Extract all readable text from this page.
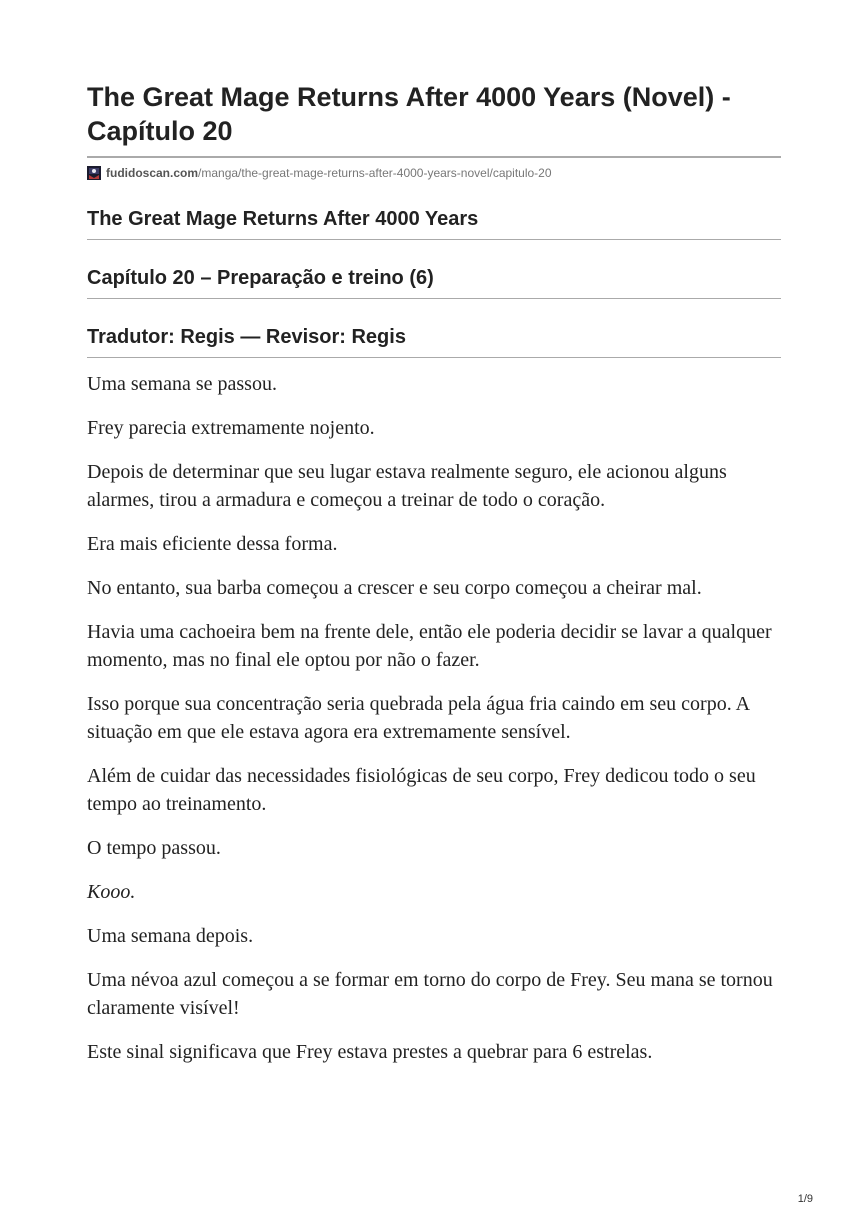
The Great Mage Returns After 4000 Years (Novel) - Capítulo 20
fudidoscan.com /manga/the-great-mage-returns-after-4000-years-novel/capitulo-20
The Great Mage Returns After 4000 Years
Capítulo 20 – Preparação e treino (6)
Tradutor: Regis — Revisor: Regis

Uma semana se passou.

Frey parecia extremamente nojento.

Depois de determinar que seu lugar estava realmente seguro, ele acionou alguns alarmes, tirou a armadura e começou a treinar de todo o coração.

Era mais eficiente dessa forma.

No entanto, sua barba começou a crescer e seu corpo começou a cheirar mal.

Havia uma cachoeira bem na frente dele, então ele poderia decidir se lavar a qualquer momento, mas no final ele optou por não o fazer.

Isso porque sua concentração seria quebrada pela água fria caindo em seu corpo. A situação em que ele estava agora era extremamente sensível.

Além de cuidar das necessidades fisiológicas de seu corpo, Frey dedicou todo o seu tempo ao treinamento.

O tempo passou.

Kooo.

Uma semana depois.

Uma névoa azul começou a se formar em torno do corpo de Frey. Seu mana se tornou claramente visível!

Este sinal significava que Frey estava prestes a quebrar para 6 estrelas.

1/9
